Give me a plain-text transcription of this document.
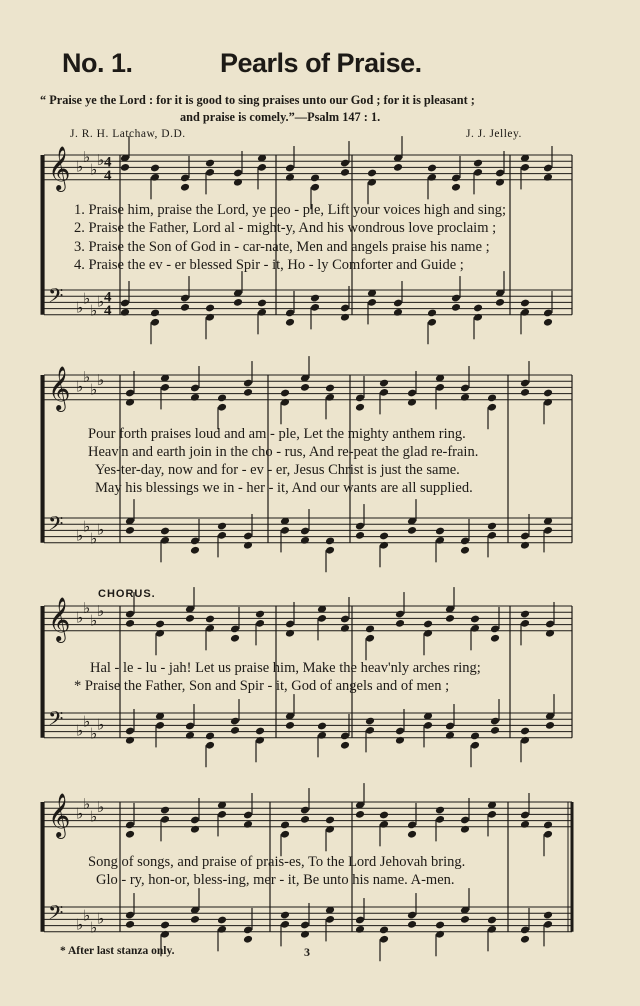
No. 1.	Pearls of Praise.
“ Praise ye the Lord : for it is good to sing praises unto our God ; for it is pleasant ;
and praise is comely.”—Psalm 147 : 1.
J. R. H. Latchaw, D.D.	J. J. Jelley.
𝄞 ♭
♭
♭
♭ 4
4
𝄢 ♭
♭
♭
♭ 4
4
𝄞 ♭
♭
♭
♭
𝄢 ♭
♭
♭
♭
𝄞 ♭
♭
♭
♭
𝄢 ♭
♭
♭
♭
𝄞 ♭
♭
♭
♭
𝄢 ♭
♭
♭
♭
1. Praise him, praise the Lord, ye peo - ple, Lift your voices high and sing;
2. Praise the Father, Lord al - might-y, And his wondrous love proclaim ;
3. Praise the Son of God in - car-nate, Men and angels praise his name ;
4. Praise the ev - er blessed Spir - it, Ho - ly Comforter and Guide ;
Pour forth praises loud and am - ple, Let the mighty anthem ring.
Heav'n and earth join in the cho - rus, And re-peat the glad re-frain.
Yes-ter-day, now and for - ev - er, Jesus Christ is just the same.
May his blessings we in - her - it, And our wants are all supplied.
CHORUS.
Hal - le - lu - jah! Let us praise him, Make the heav'nly arches ring;
* Praise the Father, Son and Spir - it, God of angels and of men ;
Song of songs, and praise of prais-es, To the Lord Jehovah bring.
Glo - ry, hon-or, bless-ing, mer - it, Be unto his name. A-men.
* After last stanza only.	3
